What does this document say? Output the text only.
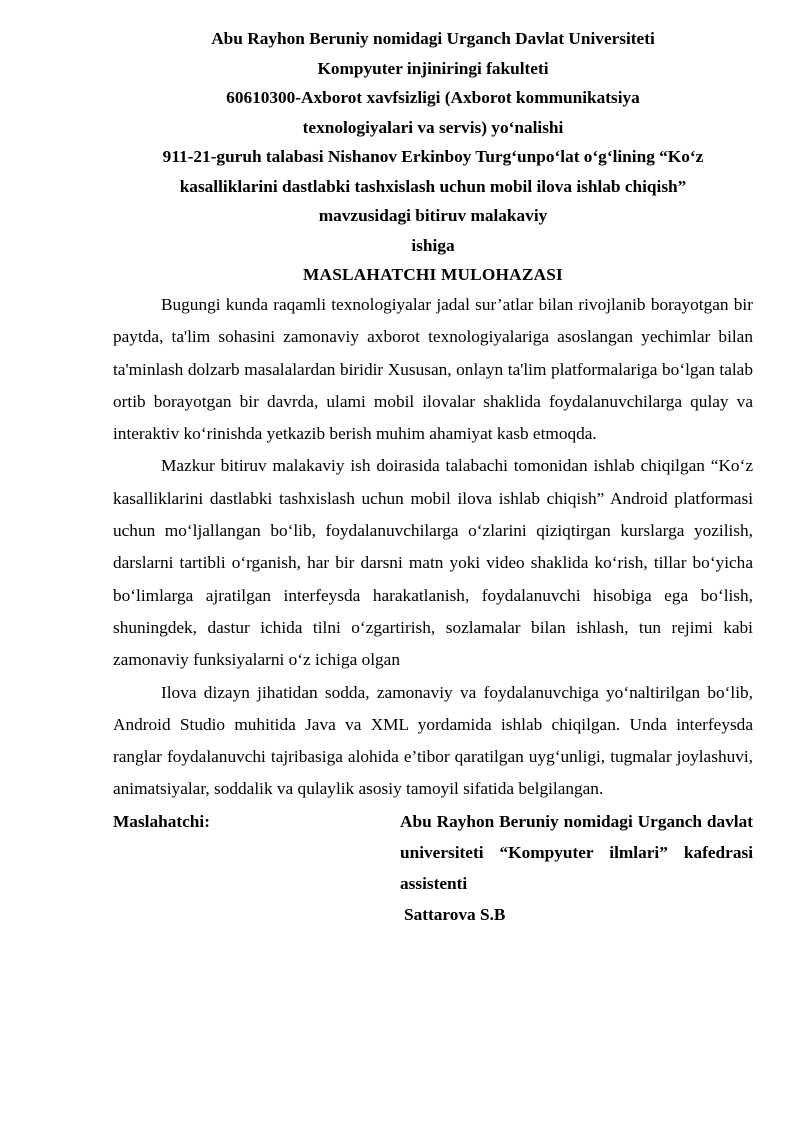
Abu Rayhon Beruniy nomidagi Urganch Davlat Universiteti

Kompyuter injiniringi fakulteti

60610300-Axborot xavfsizligi (Axborot kommunikatsiya

texnologiyalari va servis) yo‘nalishi

911-21-guruh talabasi Nishanov Erkinboy Turg‘unpo‘lat o‘g‘lining “Ko‘z

kasalliklarini dastlabki tashxislash uchun mobil ilova ishlab chiqish”

mavzusidagi bitiruv malakaviy

ishiga

MASLAHATCHI MULOHAZASI

Bugungi kunda raqamli texnologiyalar jadal sur’atlar bilan rivojlanib borayotgan bir paytda, ta'lim sohasini zamonaviy axborot texnologiyalariga asoslangan yechimlar bilan ta'minlash dolzarb masalalardan biridir Xususan, onlayn ta'lim platformalariga bo‘lgan talab ortib borayotgan bir davrda, ulami mobil ilovalar shaklida foydalanuvchilarga qulay va interaktiv ko‘rinishda yetkazib berish muhim ahamiyat kasb etmoqda.

Mazkur bitiruv malakaviy ish doirasida talabachi tomonidan ishlab chiqilgan “Ko‘z kasalliklarini dastlabki tashxislash uchun mobil ilova ishlab chiqish” Android platformasi uchun mo‘ljallangan bo‘lib, foydalanuvchilarga o‘zlarini qiziqtirgan kurslarga yozilish, darslarni tartibli o‘rganish, har bir darsni matn yoki video shaklida ko‘rish, tillar bo‘yicha bo‘limlarga ajratilgan interfeysda harakatlanish, foydalanuvchi hisobiga ega bo‘lish, shuningdek, dastur ichida tilni o‘zgartirish, sozlamalar bilan ishlash, tun rejimi kabi zamonaviy funksiyalarni o‘z ichiga olgan

Ilova dizayn jihatidan sodda, zamonaviy va foydalanuvchiga yo‘naltirilgan bo‘lib, Android Studio muhitida Java va XML yordamida ishlab chiqilgan. Unda interfeysda ranglar foydalanuvchi tajribasiga alohida e’tibor qaratilgan uyg‘unligi, tugmalar joylashuvi, animatsiyalar, soddalik va qulaylik asosiy tamoyil sifatida belgilangan.

Maslahatchi:	Abu Rayhon Beruniy nomidagi Urganch davlat universiteti “Kompyuter ilmlari” kafedrasi assistenti

Sattarova S.B
